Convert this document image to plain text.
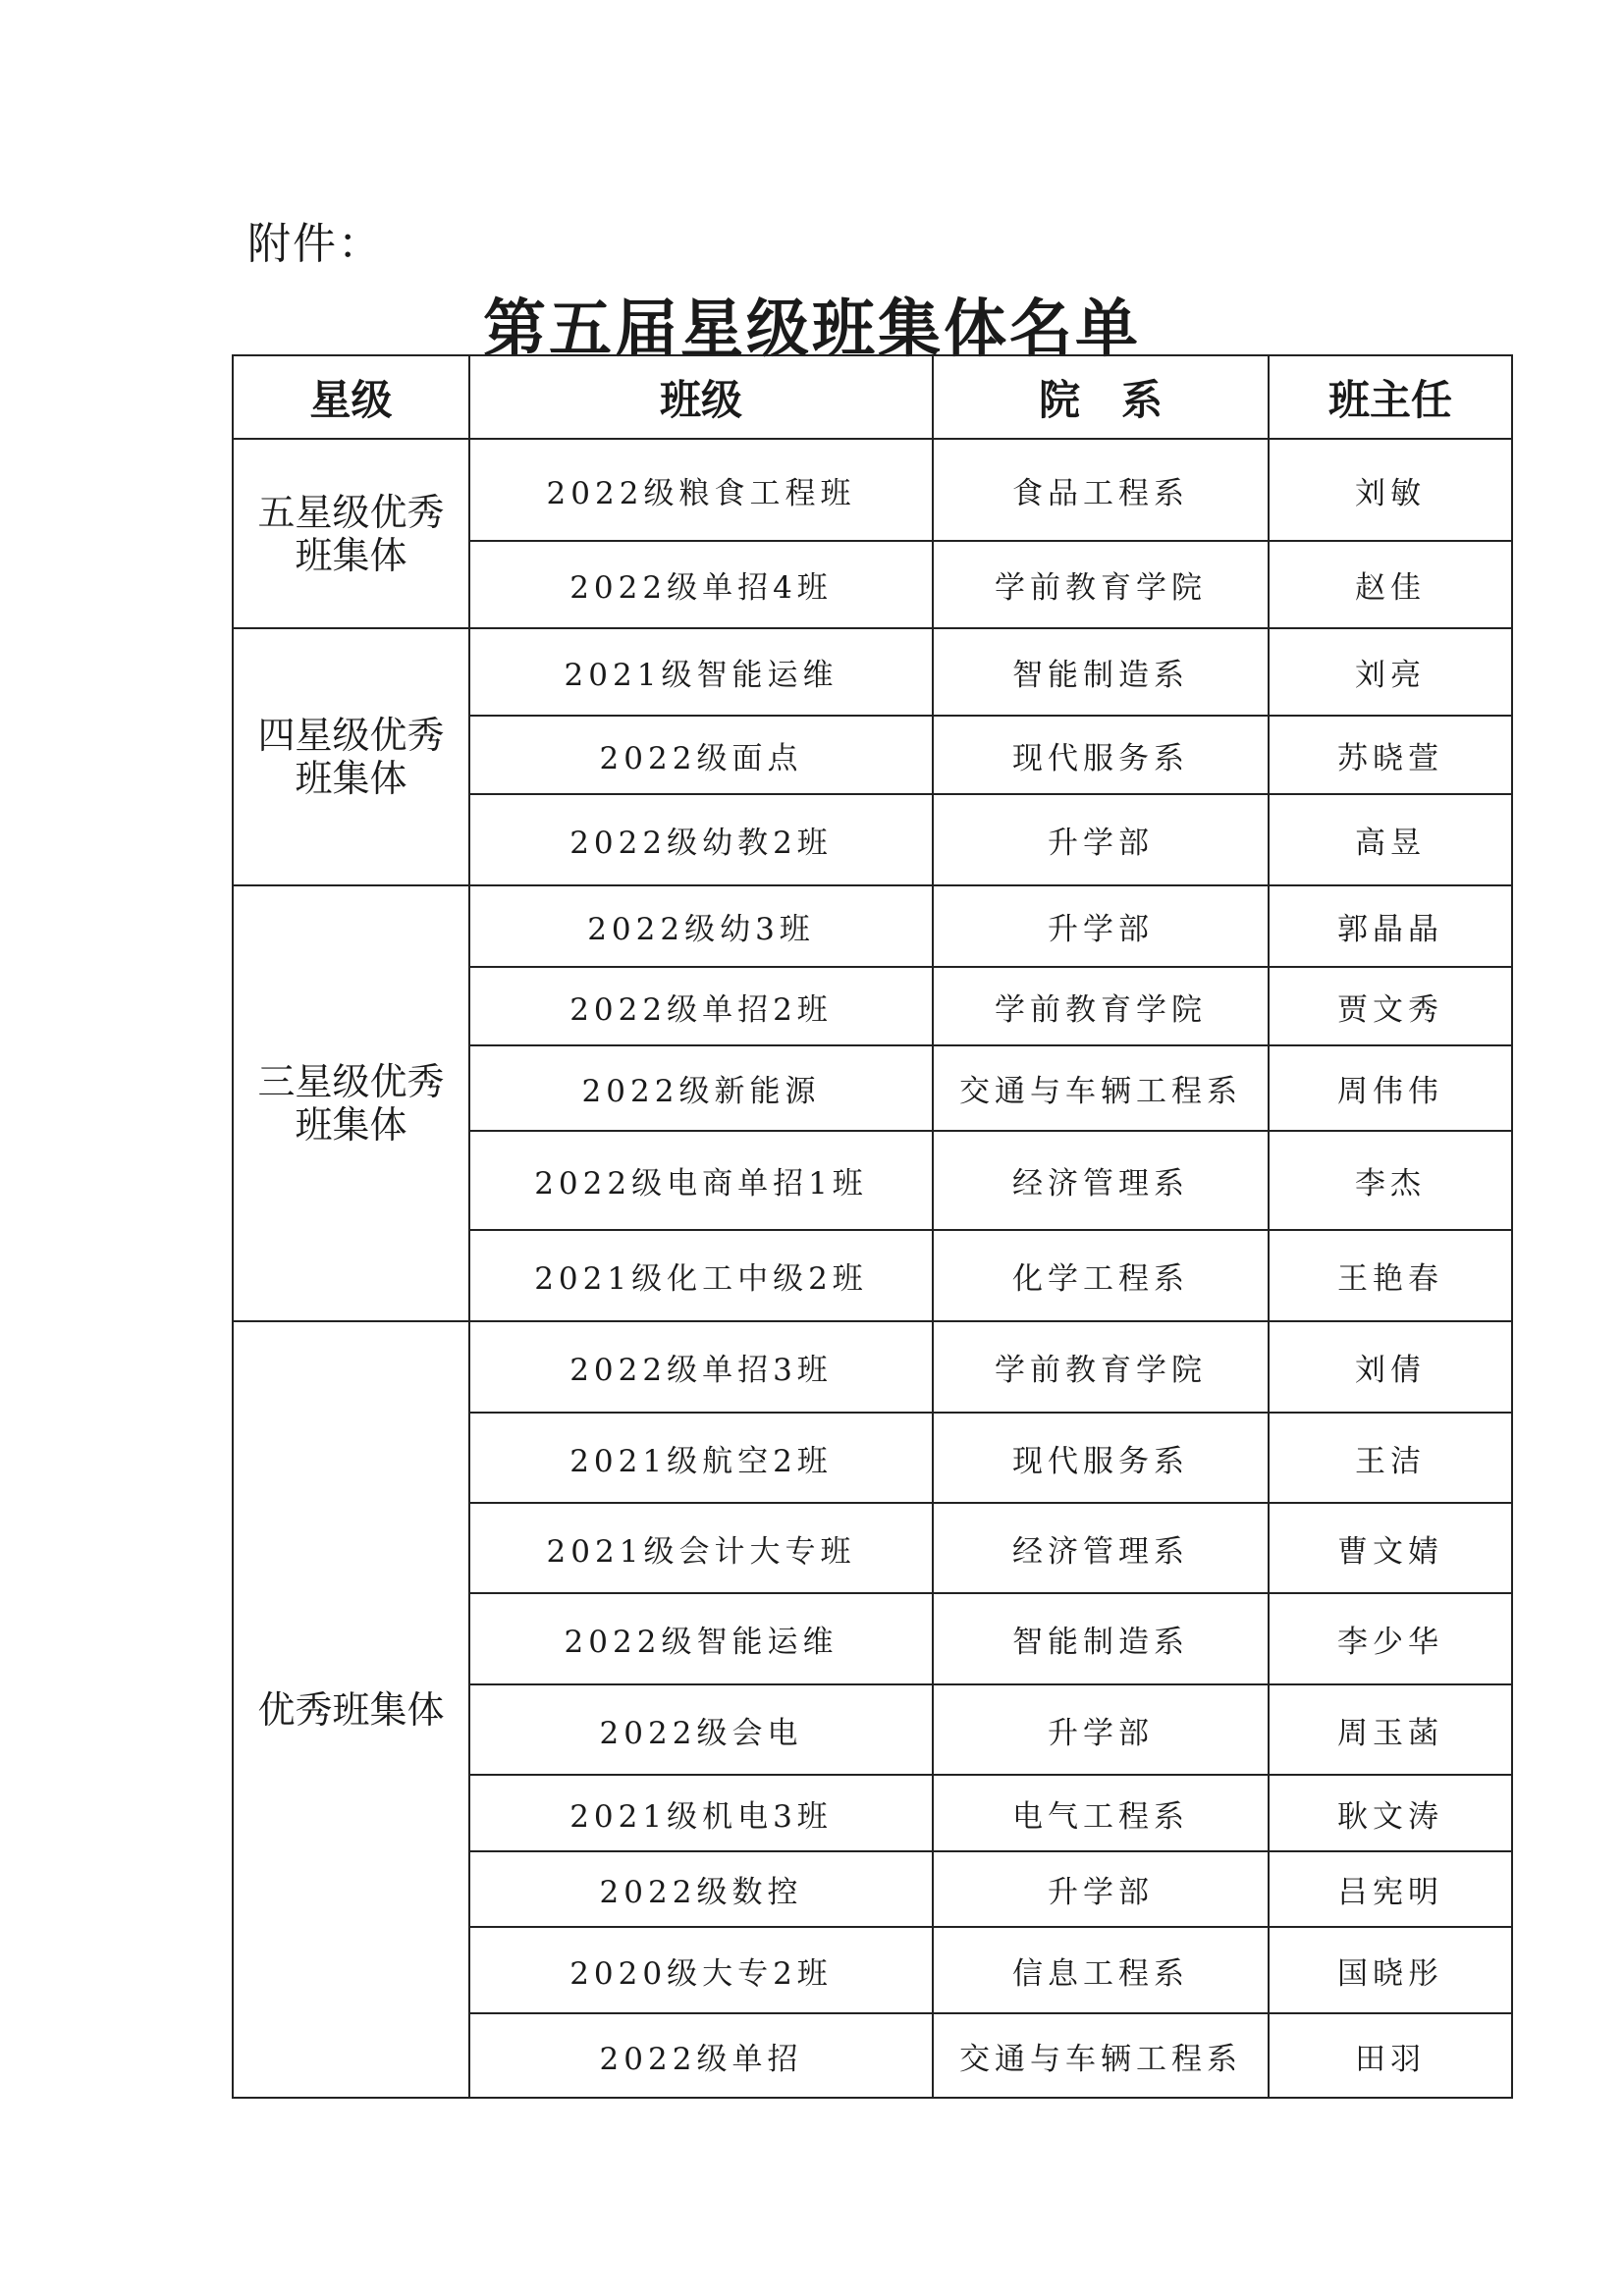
附件：
第五届星级班集体名单
星级	班级	院　系	班主任
五星级优秀班集体	2022级粮食工程班	食品工程系	刘敏
	2022级单招4班	学前教育学院	赵佳
四星级优秀班集体	2021级智能运维	智能制造系	刘亮
	2022级面点	现代服务系	苏晓萱
	2022级幼教2班	升学部	高昱
三星级优秀班集体	2022级幼3班	升学部	郭晶晶
	2022级单招2班	学前教育学院	贾文秀
	2022级新能源	交通与车辆工程系	周伟伟
	2022级电商单招1班	经济管理系	李杰
	2021级化工中级2班	化学工程系	王艳春
优秀班集体	2022级单招3班	学前教育学院	刘倩
	2021级航空2班	现代服务系	王洁
	2021级会计大专班	经济管理系	曹文婧
	2022级智能运维	智能制造系	李少华
	2022级会电	升学部	周玉菡
	2021级机电3班	电气工程系	耿文涛
	2022级数控	升学部	吕宪明
	2020级大专2班	信息工程系	国晓彤
	2022级单招	交通与车辆工程系	田羽
